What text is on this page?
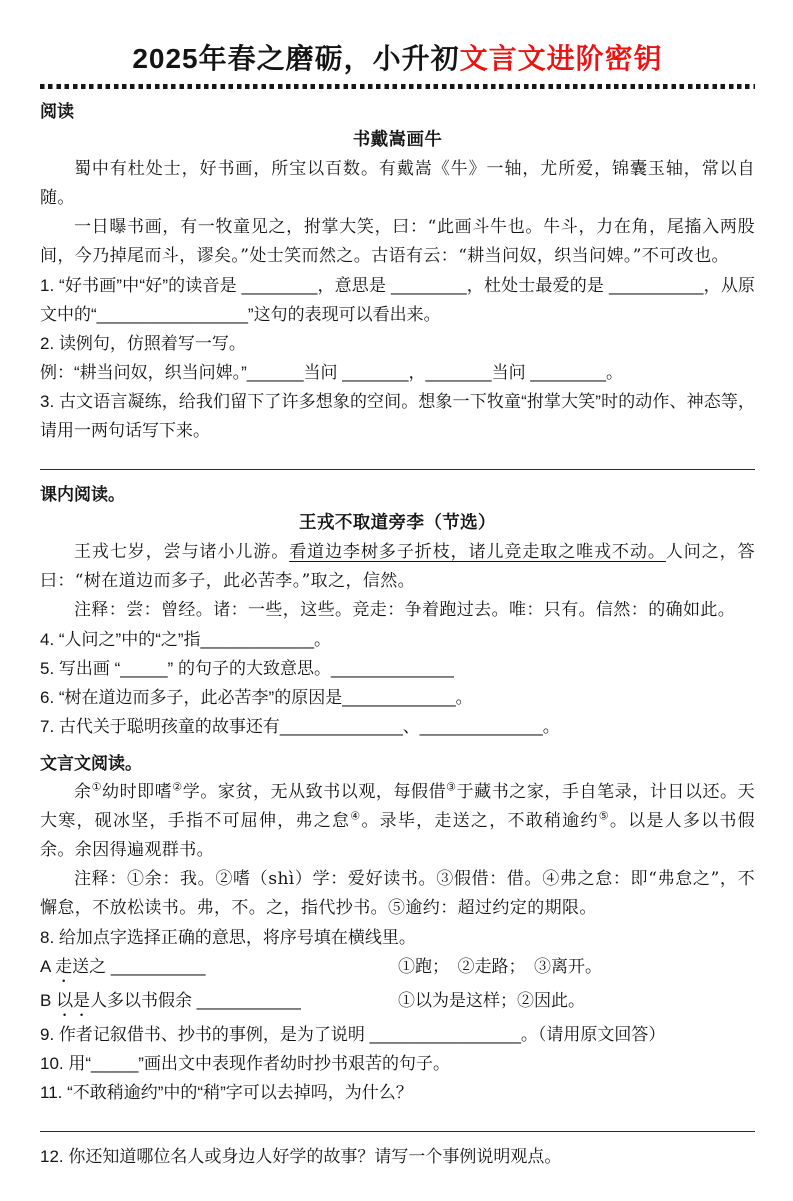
2025年春之磨砺，小升初文言文进阶密钥
阅读

书戴嵩画牛

蜀中有杜处士，好书画，所宝以百数。有戴嵩《牛》一轴，尤所爱，锦囊玉轴，常以自随。

一日曝书画，有一牧童见之，拊掌大笑，曰：“此画斗牛也。牛斗，力在角，尾搐入两股间，今乃掉尾而斗，谬矣。”处士笑而然之。古语有云：“耕当问奴，织当问婢。”不可改也。

1. “好书画”中“好”的读音是 ________，意思是 ________，杜处士最爱的是 __________，从原文中的“________________”这句的表现可以看出来。

2. 读例句，仿照着写一写。

例：“耕当问奴，织当问婢。”______当问 _______，_______当问 ________。

3. 古文语言凝练，给我们留下了许多想象的空间。想象一下牧童“拊掌大笑”时的动作、神态等，请用一两句话写下来。

课内阅读。

王戎不取道旁李（节选）

王戎七岁，尝与诸小儿游。看道边李树多子折枝，诸儿竞走取之唯戎不动。人问之，答曰：“树在道边而多子，此必苦李。”取之，信然。

注释：尝：曾经。诸：一些，这些。竞走：争着跑过去。唯：只有。信然：的确如此。

4. “人问之”中的“之”指____________。

5. 写出画 “_____” 的句子的大致意思。_____________

6. “树在道边而多子，此必苦李”的原因是____________。

7. 古代关于聪明孩童的故事还有_____________、_____________。

文言文阅读。

余①幼时即嗜②学。家贫，无从致书以观，每假借③于藏书之家，手自笔录，计日以还。天大寒，砚冰坚，手指不可屈伸，弗之怠④。录毕，走送之，不敢稍逾约⑤。以是人多以书假余。余因得遍观群书。

注释：①余：我。②嗜（shì）学：爱好读书。③假借：借。④弗之怠：即“弗怠之”，不懈怠，不放松读书。弗，不。之，指代抄书。⑤逾约：超过约定的期限。

8. 给加点字选择正确的意思，将序号填在横线里。

A 走送之 __________	①跑；　②走路；　③离开。

B 以是人多以书假余 ___________	①以为是这样；②因此。

9. 作者记叙借书、抄书的事例，是为了说明 ________________。（请用原文回答）

10. 用“_____”画出文中表现作者幼时抄书艰苦的句子。

11. “不敢稍逾约”中的“稍”字可以去掉吗，为什么？

12. 你还知道哪位名人或身边人好学的故事？请写一个事例说明观点。
